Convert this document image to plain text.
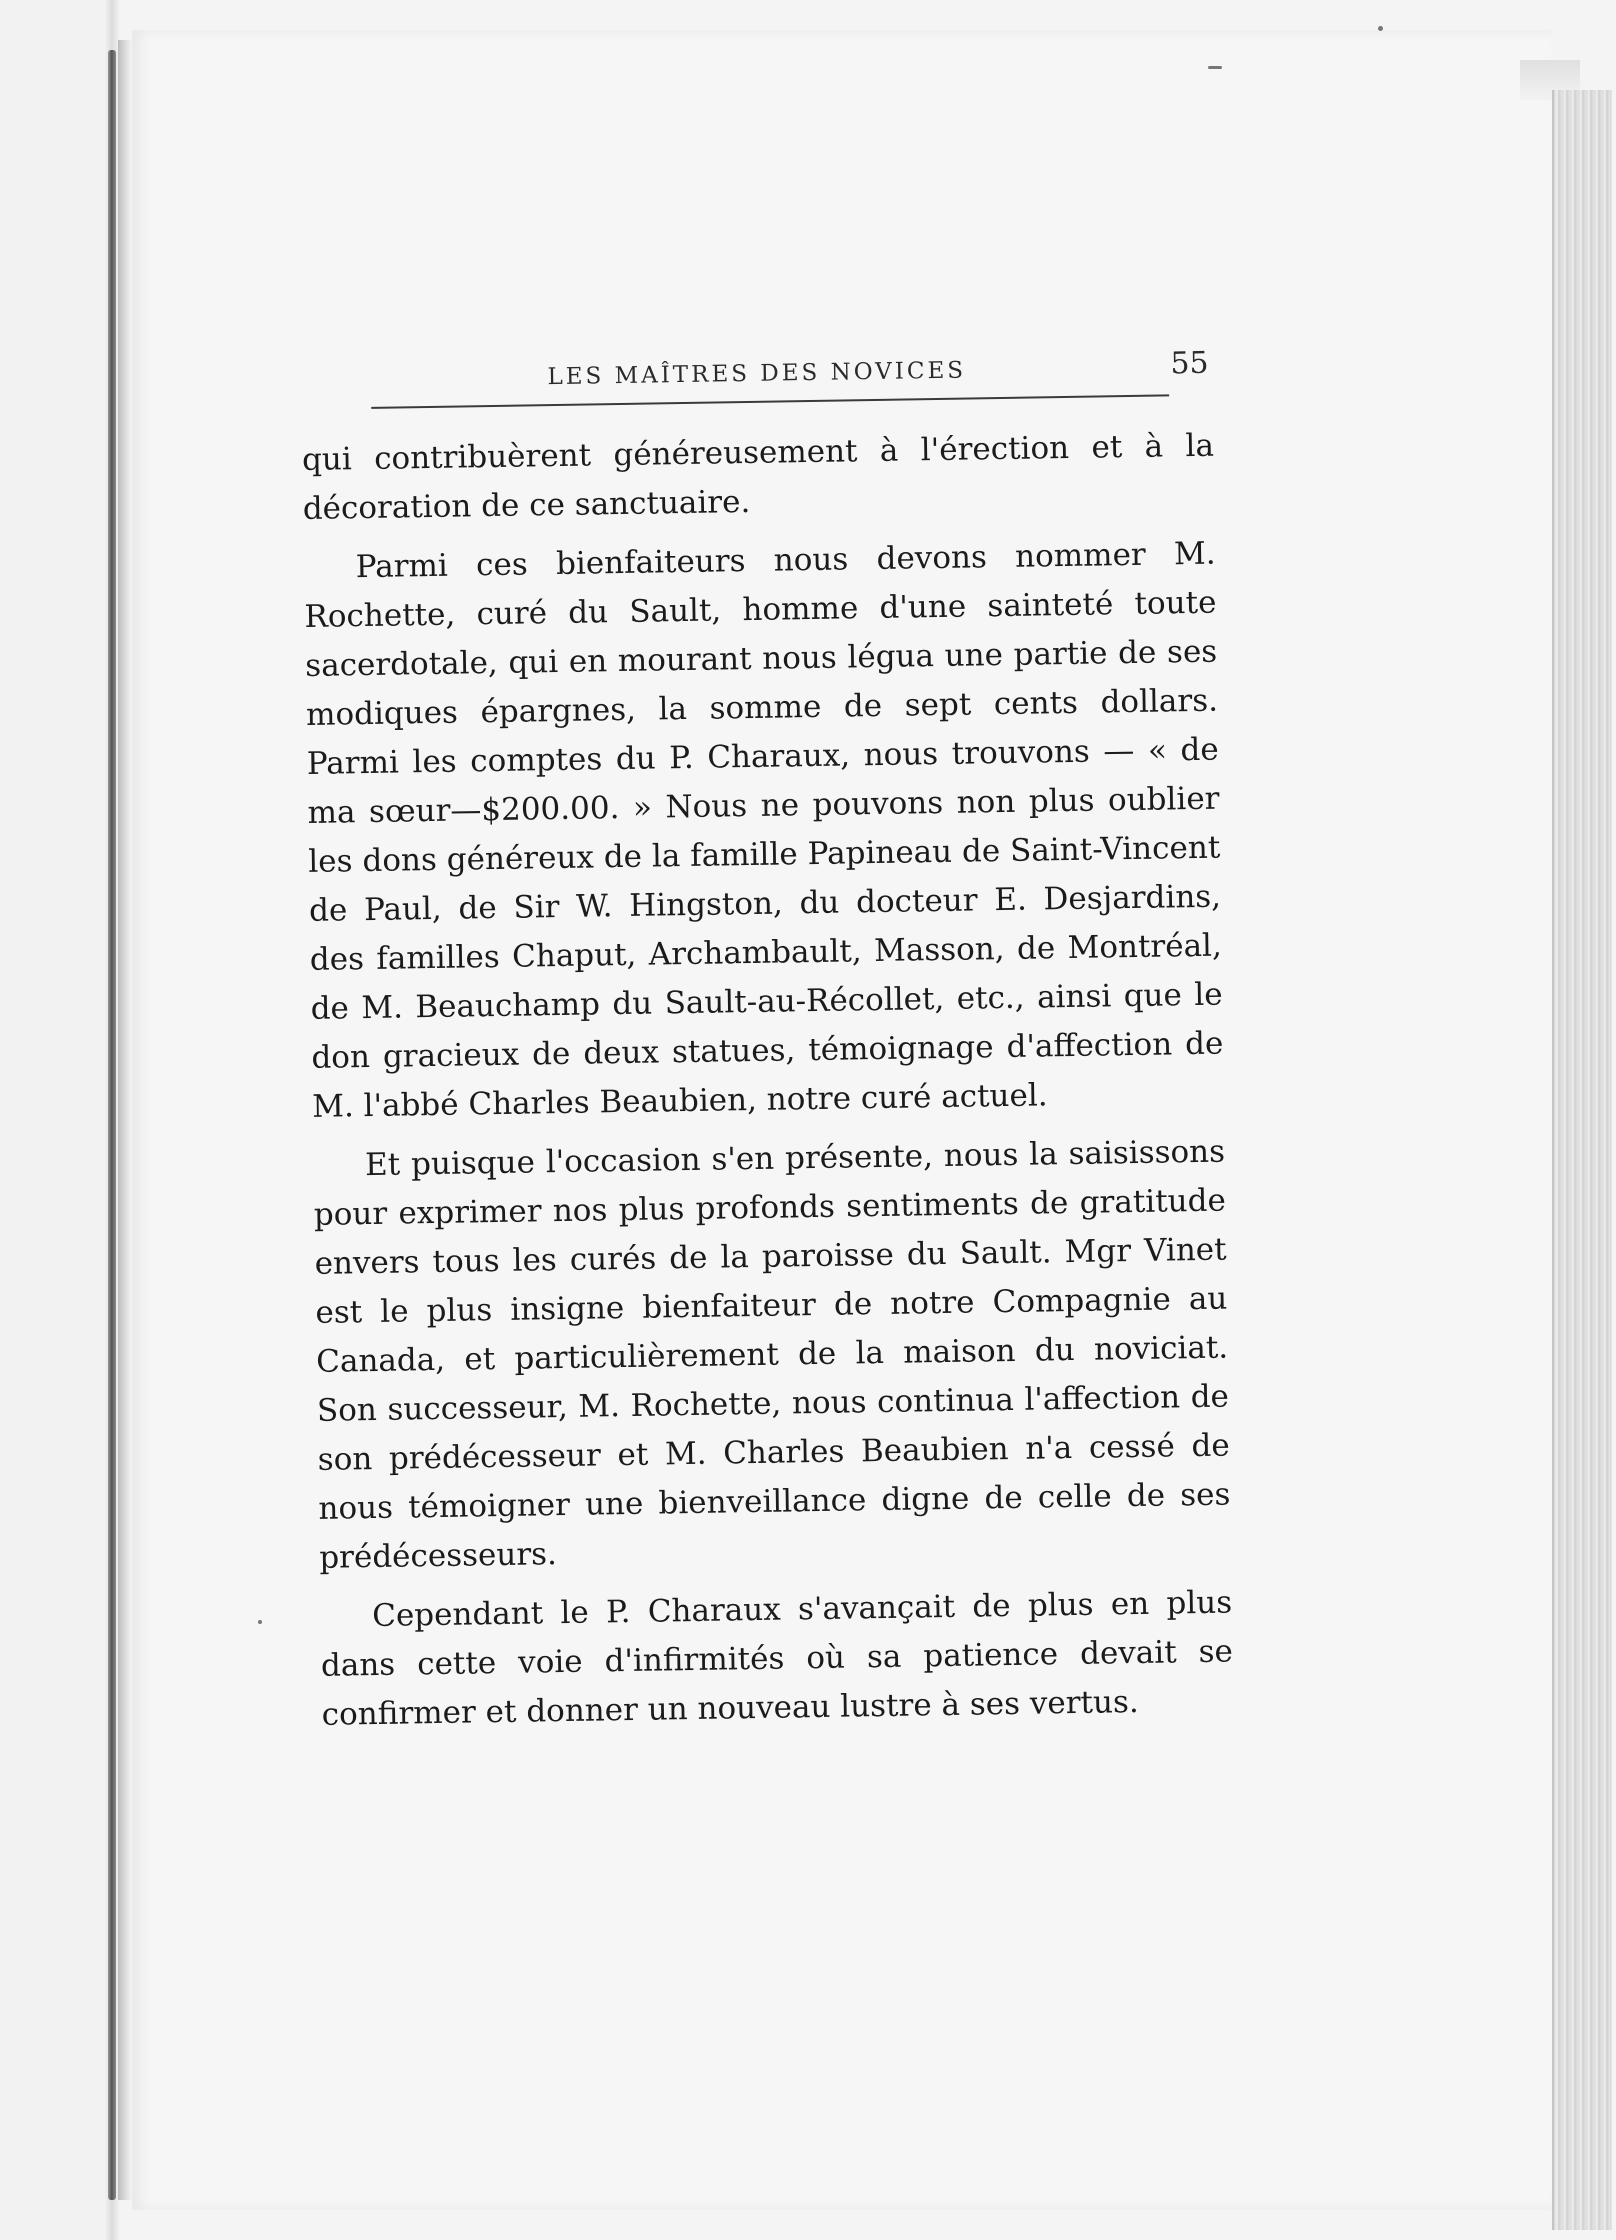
LES MAÎTRES DES NOVICES	55

qui contribuèrent généreusement à l'érection et à la décoration de ce sanctuaire.

Parmi ces bienfaiteurs nous devons nommer M. Rochette, curé du Sault, homme d'une sainteté toute sacerdotale, qui en mourant nous légua une partie de ses modiques épargnes, la somme de sept cents dollars. Parmi les comptes du P. Charaux, nous trouvons — « de ma sœur—$200.00. » Nous ne pouvons non plus oublier les dons généreux de la famille Papineau de Saint-Vincent de Paul, de Sir W. Hingston, du docteur E. Desjardins, des familles Chaput, Archambault, Masson, de Montréal, de M. Beauchamp du Sault-au-Récollet, etc., ainsi que le don gracieux de deux statues, témoignage d'affection de M. l'abbé Charles Beaubien, notre curé actuel.

Et puisque l'occasion s'en présente, nous la saisissons pour exprimer nos plus profonds sentiments de gratitude envers tous les curés de la paroisse du Sault. Mgr Vinet est le plus insigne bienfaiteur de notre Compagnie au Canada, et particulièrement de la maison du noviciat. Son successeur, M. Rochette, nous continua l'affection de son prédécesseur et M. Charles Beaubien n'a cessé de nous témoigner une bienveillance digne de celle de ses prédécesseurs.

Cependant le P. Charaux s'avançait de plus en plus dans cette voie d'infirmités où sa patience devait se confirmer et donner un nouveau lustre à ses vertus.
